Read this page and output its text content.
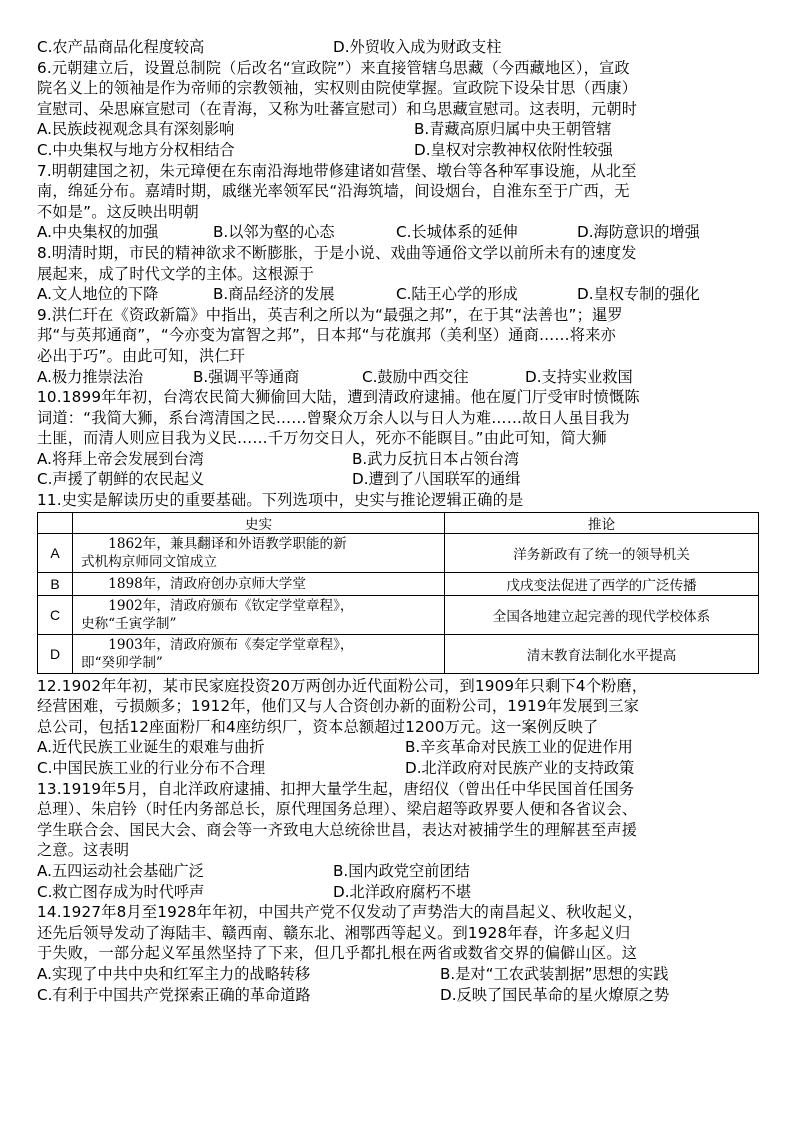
C.农产品商品化程度较高	D.外贸收入成为财政支柱
6.元朝建立后，设置总制院（后改名“宣政院”）来直接管辖乌思藏（今西藏地区），宣政
院名义上的领袖是作为帝师的宗教领袖，实权则由院使掌握。宣政院下设朵甘思（西康）
宣慰司、朵思麻宣慰司（在青海，又称为吐蕃宣慰司）和乌思藏宣慰司。这表明，元朝时
A.民族歧视观念具有深刻影响	B.青藏高原归属中央王朝管辖
C.中央集权与地方分权相结合	D.皇权对宗教神权依附性较强
7.明朝建国之初，朱元璋便在东南沿海地带修建诸如营堡、墩台等各种军事设施，从北至
南，绵延分布。嘉靖时期，戚继光率领军民“沿海筑墙，间设烟台，自淮东至于广西，无
不如是”。这反映出明朝
A.中央集权的加强	B.以邻为壑的心态	C.长城体系的延伸	D.海防意识的增强
8.明清时期，市民的精神欲求不断膨胀，于是小说、戏曲等通俗文学以前所未有的速度发
展起来，成了时代文学的主体。这根源于
A.文人地位的下降	B.商品经济的发展	C.陆王心学的形成	D.皇权专制的强化
9.洪仁玕在《资政新篇》中指出，英吉利之所以为“最强之邦”，在于其“法善也”；暹罗
邦“与英邦通商”，“今亦变为富智之邦”，日本邦“与花旗邦（美利坚）通商……将来亦
必出于巧”。由此可知，洪仁玕
A.极力推崇法治	B.强调平等通商	C.鼓励中西交往	D.支持实业救国
10.1899年年初，台湾农民简大狮偷回大陆，遭到清政府逮捕。他在厦门厅受审时愤慨陈
词道：“我简大狮，系台湾清国之民……曾聚众万余人以与日人为难……故日人虽目我为
土匪，而清人则应目我为义民……千万勿交日人，死亦不能瞑目。”由此可知，简大狮
A.将拜上帝会发展到台湾	B.武力反抗日本占领台湾
C.声援了朝鲜的农民起义	D.遭到了八国联军的通缉
11.史实是解读历史的重要基础。下列选项中，史实与推论逻辑正确的是
	史实	推论
A	1862年，兼具翻译和外语教学职能的新
式机构京师同文馆成立	洋务新政有了统一的领导机关
B	1898年，清政府创办京师大学堂	戊戌变法促进了西学的广泛传播
C	1902年，清政府颁布《钦定学堂章程》，
史称“壬寅学制”	全国各地建立起完善的现代学校体系
D	1903年，清政府颁布《奏定学堂章程》，
即“癸卯学制”	清末教育法制化水平提高
12.1902年年初，某市民家庭投资20万两创办近代面粉公司，到1909年只剩下4个粉磨，
经营困难，亏损颇多；1912年，他们又与人合资创办新的面粉公司，1919年发展到三家
总公司，包括12座面粉厂和4座纺织厂，资本总额超过1200万元。这一案例反映了
A.近代民族工业诞生的艰难与曲折	B.辛亥革命对民族工业的促进作用
C.中国民族工业的行业分布不合理	D.北洋政府对民族产业的支持政策
13.1919年5月，自北洋政府逮捕、扣押大量学生起，唐绍仪（曾出任中华民国首任国务
总理）、朱启钤（时任内务部总长，原代理国务总理）、梁启超等政界要人便和各省议会、
学生联合会、国民大会、商会等一齐致电大总统徐世昌，表达对被捕学生的理解甚至声援
之意。这表明
A.五四运动社会基础广泛	B.国内政党空前团结
C.救亡图存成为时代呼声	D.北洋政府腐朽不堪
14.1927年8月至1928年年初，中国共产党不仅发动了声势浩大的南昌起义、秋收起义，
还先后领导发动了海陆丰、赣西南、赣东北、湘鄂西等起义。到1928年春，许多起义归
于失败，一部分起义军虽然坚持了下来，但几乎都扎根在两省或数省交界的偏僻山区。这
A.实现了中共中央和红军主力的战略转移	B.是对“工农武装割据”思想的实践
C.有利于中国共产党探索正确的革命道路	D.反映了国民革命的星火燎原之势
